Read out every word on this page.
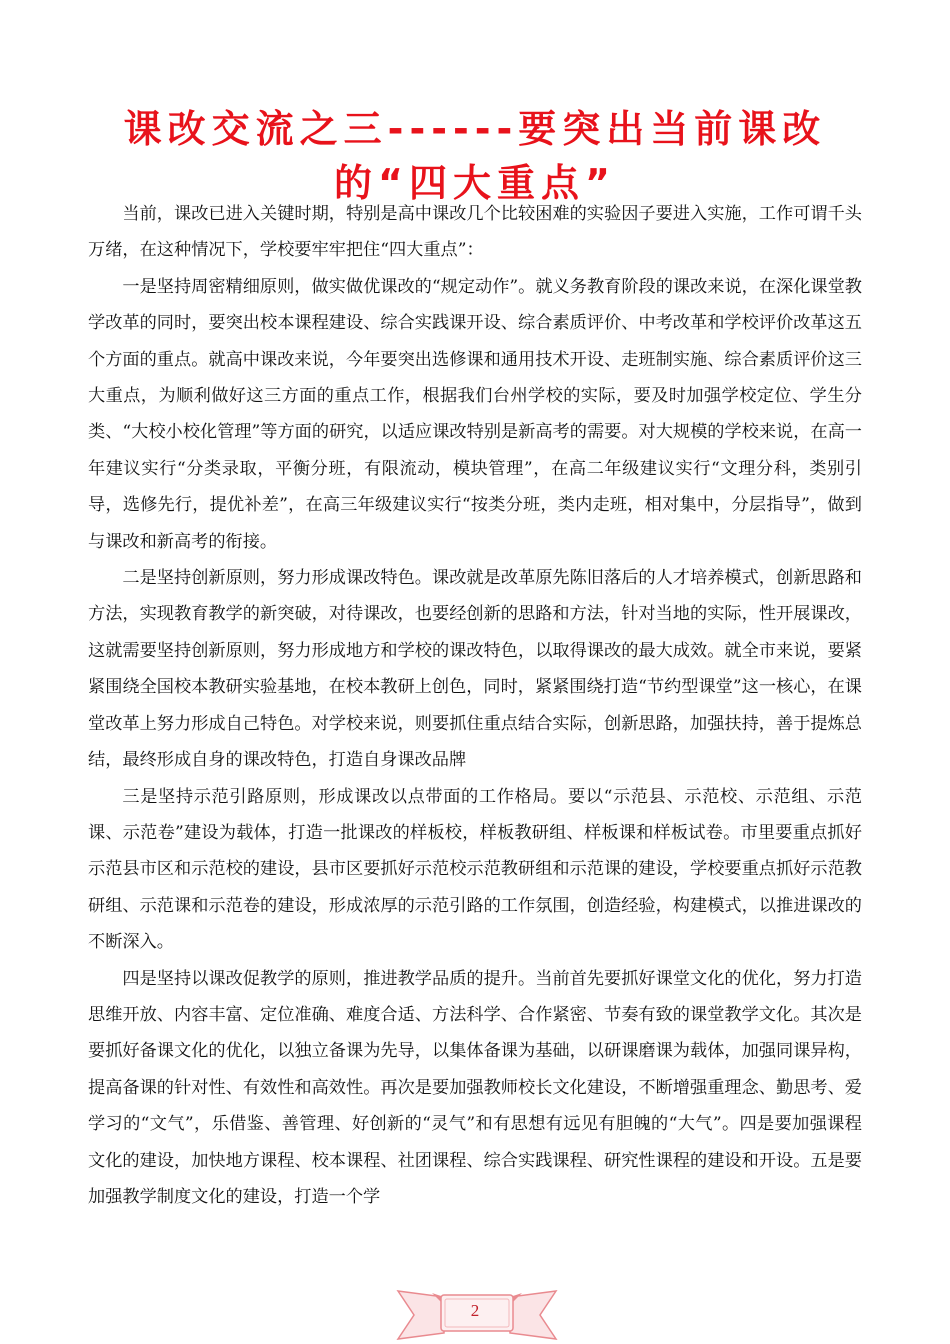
课改交流之三------要突出当前课改的“四大重点”

当前，课改已进入关键时期，特别是高中课改几个比较困难的实验因子要进入实施，工作可谓千头万绪，在这种情况下，学校要牢牢把住“四大重点”：

一是坚持周密精细原则，做实做优课改的“规定动作”。就义务教育阶段的课改来说，在深化课堂教学改革的同时，要突出校本课程建设、综合实践课开设、综合素质评价、中考改革和学校评价改革这五个方面的重点。就高中课改来说，今年要突出选修课和通用技术开设、走班制实施、综合素质评价这三大重点，为顺利做好这三方面的重点工作，根据我们台州学校的实际，要及时加强学校定位、学生分类、“大校小校化管理”等方面的研究，以适应课改特别是新高考的需要。对大规模的学校来说，在高一年建议实行“分类录取，平衡分班，有限流动，模块管理”，在高二年级建议实行“文理分科，类别引导，选修先行，提优补差”，在高三年级建议实行“按类分班，类内走班，相对集中，分层指导”，做到与课改和新高考的衔接。

二是坚持创新原则，努力形成课改特色。课改就是改革原先陈旧落后的人才培养模式，创新思路和方法，实现教育教学的新突破，对待课改，也要经创新的思路和方法，针对当地的实际，性开展课改，这就需要坚持创新原则，努力形成地方和学校的课改特色，以取得课改的最大成效。就全市来说，要紧紧围绕全国校本教研实验基地，在校本教研上创色，同时，紧紧围绕打造“节约型课堂”这一核心，在课堂改革上努力形成自己特色。对学校来说，则要抓住重点结合实际，创新思路，加强扶持，善于提炼总结，最终形成自身的课改特色，打造自身课改品牌

三是坚持示范引路原则，形成课改以点带面的工作格局。要以“示范县、示范校、示范组、示范课、示范卷”建设为载体，打造一批课改的样板校，样板教研组、样板课和样板试卷。市里要重点抓好示范县市区和示范校的建设，县市区要抓好示范校示范教研组和示范课的建设，学校要重点抓好示范教研组、示范课和示范卷的建设，形成浓厚的示范引路的工作氛围，创造经验，构建模式，以推进课改的不断深入。

四是坚持以课改促教学的原则，推进教学品质的提升。当前首先要抓好课堂文化的优化，努力打造思维开放、内容丰富、定位准确、难度合适、方法科学、合作紧密、节奏有致的课堂教学文化。其次是要抓好备课文化的优化，以独立备课为先导，以集体备课为基础，以研课磨课为载体，加强同课异构，提高备课的针对性、有效性和高效性。再次是要加强教师校长文化建设，不断增强重理念、勤思考、爱学习的“文气”，乐借鉴、善管理、好创新的“灵气”和有思想有远见有胆魄的“大气”。四是要加强课程文化的建设，加快地方课程、校本课程、社团课程、综合实践课程、研究性课程的建设和开设。五是要加强教学制度文化的建设，打造一个学

2
